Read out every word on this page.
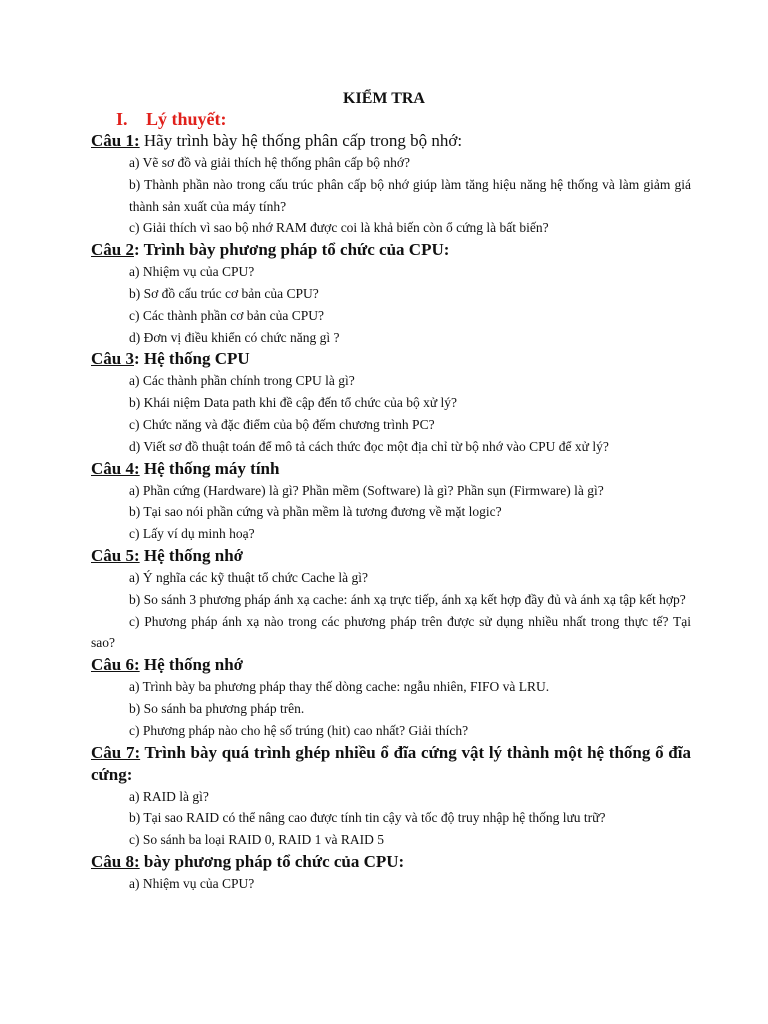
KIỂM TRA
I. Lý thuyết:

Câu 1: Hãy trình bày hệ thống phân cấp trong bộ nhớ:

a) Vẽ sơ đồ và giải thích hệ thống phân cấp bộ nhớ?

b) Thành phần nào trong cấu trúc phân cấp bộ nhớ giúp làm tăng hiệu năng hệ thống và làm giảm giá thành sản xuất của máy tính?

c) Giải thích vì sao bộ nhớ RAM được coi là khả biến còn ổ cứng là bất biến?

Câu 2: Trình bày phương pháp tổ chức của CPU:

a) Nhiệm vụ của CPU?

b) Sơ đồ cấu trúc cơ bản của CPU?

c) Các thành phần cơ bản của CPU?

d) Đơn vị điều khiển có chức năng gì ?

Câu 3: Hệ thống CPU

a) Các thành phần chính trong CPU là gì?

b) Khái niệm Data path khi đề cập đến tổ chức của bộ xử lý?

c) Chức năng và đặc điểm của bộ đếm chương trình PC?

d) Viết sơ đồ thuật toán để mô tả cách thức đọc một địa chỉ từ bộ nhớ vào CPU để xử lý?

Câu 4: Hệ thống máy tính

a) Phần cứng (Hardware) là gì? Phần mềm (Software) là gì? Phần sụn (Firmware) là gì?

b) Tại sao nói phần cứng và phần mềm là tương đương về mặt logic?

c) Lấy ví dụ minh hoạ?

Câu 5: Hệ thống nhớ

a) Ý nghĩa các kỹ thuật tổ chức Cache là gì?

b) So sánh 3 phương pháp ánh xạ cache: ánh xạ trực tiếp, ánh xạ kết hợp đầy đủ và ánh xạ tập kết hợp?

c) Phương pháp ánh xạ nào trong các phương pháp trên được sử dụng nhiều nhất trong thực tế? Tại sao?

Câu 6: Hệ thống nhớ

a) Trình bày ba phương pháp thay thế dòng cache: ngẫu nhiên, FIFO và LRU.

b) So sánh ba phương pháp trên.

c) Phương pháp nào cho hệ số trúng (hit) cao nhất? Giải thích?

Câu 7: Trình bày quá trình ghép nhiều ổ đĩa cứng vật lý thành một hệ thống ổ đĩa cứng:

a) RAID là gì?

b) Tại sao RAID có thể nâng cao được tính tin cậy và tốc độ truy nhập hệ thống lưu trữ?

c) So sánh ba loại RAID 0, RAID 1 và RAID 5

Câu 8: bày phương pháp tổ chức của CPU:

a) Nhiệm vụ của CPU?
